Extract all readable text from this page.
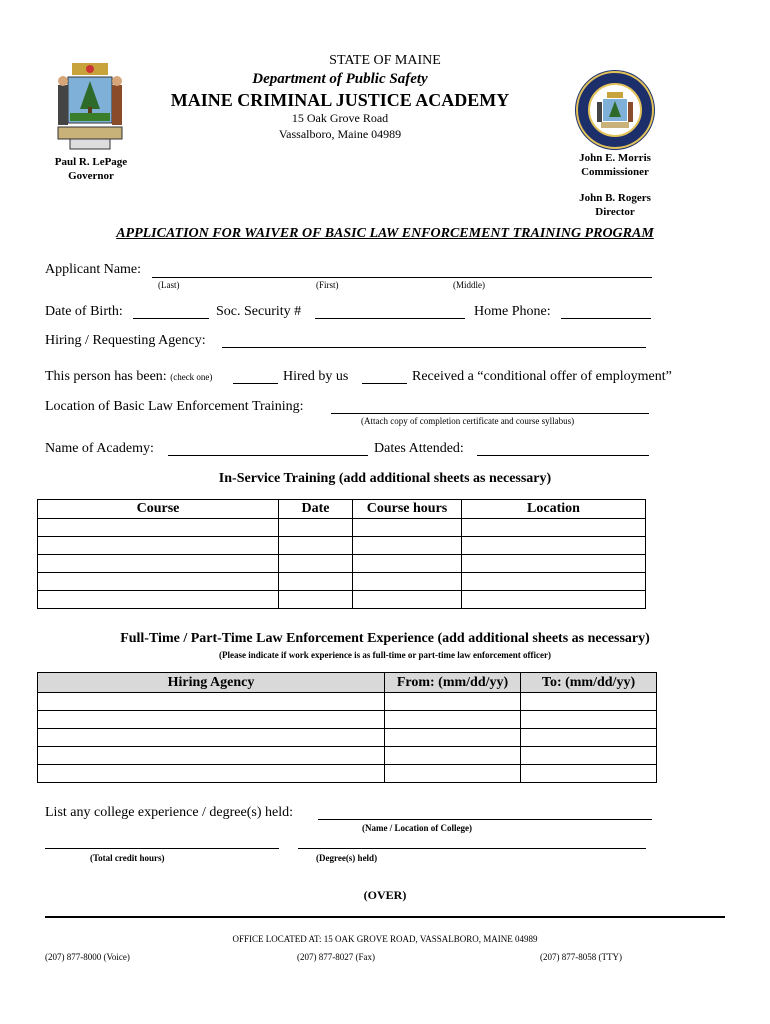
STATE OF MAINE
Department of Public Safety
MAINE CRIMINAL JUSTICE ACADEMY
15 Oak Grove Road
Vassalboro, Maine 04989
Paul R. LePage
Governor
John E. Morris
Commissioner
John B. Rogers
Director
APPLICATION FOR WAIVER OF BASIC LAW ENFORCEMENT TRAINING PROGRAM
Applicant Name:
(Last)	(First)	(Middle)
Date of Birth:	Soc. Security #	Home Phone:
Hiring / Requesting Agency:
This person has been: (check one)	Hired by us	Received a “conditional offer of employment”
Location of Basic Law Enforcement Training:
(Attach copy of completion certificate and course syllabus)
Name of Academy:	Dates Attended:
In-Service Training (add additional sheets as necessary)
Course	Date	Course hours	Location

Full-Time / Part-Time Law Enforcement Experience (add additional sheets as necessary)
(Please indicate if work experience is as full-time or part-time law enforcement officer)
Hiring Agency	From: (mm/dd/yy)	To: (mm/dd/yy)

List any college experience / degree(s) held:
(Name / Location of College)
(Total credit hours)	(Degree(s) held)
(OVER)
OFFICE LOCATED AT: 15 OAK GROVE ROAD, VASSALBORO, MAINE 04989
(207) 877-8000 (Voice)	(207) 877-8027 (Fax)	(207) 877-8058 (TTY)
